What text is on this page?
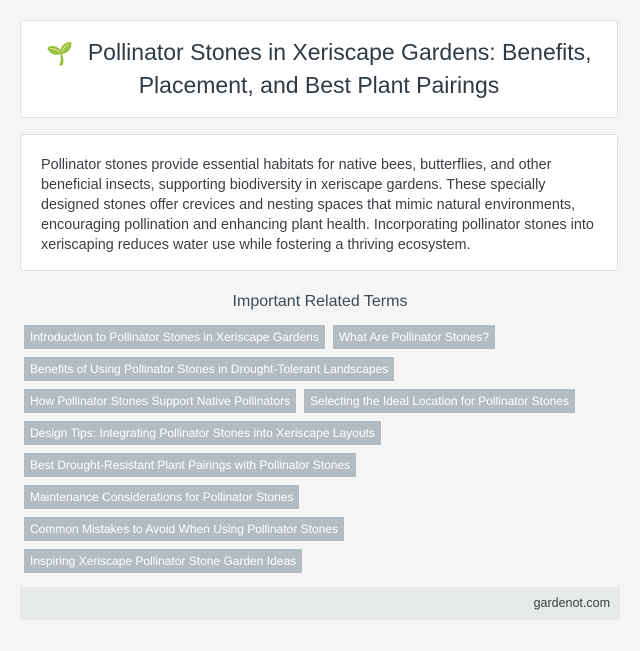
🌱 Pollinator Stones in Xeriscape Gardens: Benefits, Placement, and Best Plant Pairings

Pollinator stones provide essential habitats for native bees, butterflies, and other beneficial insects, supporting biodiversity in xeriscape gardens. These specially designed stones offer crevices and nesting spaces that mimic natural environments, encouraging pollination and enhancing plant health. Incorporating pollinator stones into xeriscaping reduces water use while fostering a thriving ecosystem.

Important Related Terms
Introduction to Pollinator Stones in Xeriscape Gardens	What Are Pollinator Stones?
Benefits of Using Pollinator Stones in Drought-Tolerant Landscapes
How Pollinator Stones Support Native Pollinators	Selecting the Ideal Location for Pollinator Stones
Design Tips: Integrating Pollinator Stones into Xeriscape Layouts
Best Drought-Resistant Plant Pairings with Pollinator Stones
Maintenance Considerations for Pollinator Stones
Common Mistakes to Avoid When Using Pollinator Stones
Inspiring Xeriscape Pollinator Stone Garden Ideas
gardenot.com
